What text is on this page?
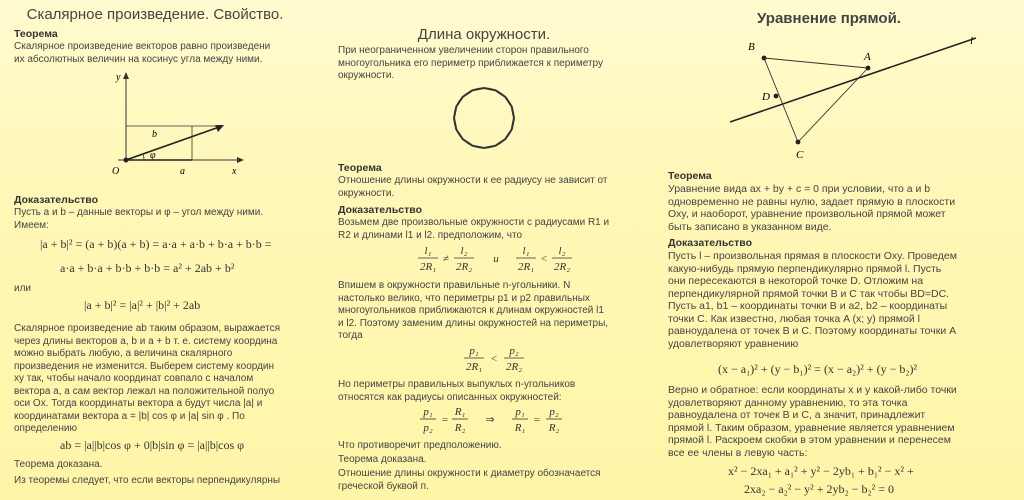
Скалярное произведение. Свойство.
Теорема
Скалярное произведение векторов равно произведени
их абсолютных величин на косинус угла между ними.
y
x
O
b
a
φ
Доказательство
Пусть a и b – данные векторы и φ – угол между ними.
Имеем:
|a + b|² = (a + b)(a + b) = a·a + a·b + b·a + b·b =
a·a + b·a + b·b + b·b = a² + 2ab + b²
или
|a + b|² = |a|² + |b|² + 2ab
Скалярное произведение ab таким образом, выражается
через длины векторов a, b и a + b т. е. систему координа
можно выбрать любую, а величина скалярного
произведения не изменится. Выберем систему координ
xy так, чтобы начало координат совпало с началом
вектора a, а сам вектор лежал на положительной полуо
оси Ox. Тогда координаты вектора a будут числа |a| и
координатами вектора a = |b| cos φ и |a| sin φ . По
определению
ab = |a||b|cos φ + 0|b|sin φ = |a||b|cos φ
Теорема доказана.
Из теоремы следует, что если векторы перпендикулярны
Длина окружности.
При неограниченном увеличении сторон правильного
многоугольника его периметр приближается к периметру
окружности.
Теорема
Отношение длины окружности к ее радиусу не зависит от
окружности.
Доказательство
Возьмем две произвольные окружности с радиусами R1 и
R2 и длинами l1 и l2. предположим, что
l₁
2R₁
≠
l₂
2R₂
и
l₁
2R₁
<
l₂
2R₂
Впишем в окружности правильные n-угольники. N
настолько велико, что периметры p1 и p2 правильных
многоугольников приближаются к длинам окружностей l1
и l2. Поэтому заменим длины окружностей на периметры,
тогда
p₁
2R₁
<
p₂
2R₂
Но периметры правильных выпуклых n-угольников
относятся как радиусы описанных окружностей:
p₁
p₂
=
R₁
R₂
⇒
p₁
R₁
=
p₂
R₂
Что противоречит предположению.
Теорема доказана.
Отношение длины окружности к диаметру обозначается
греческой буквой п.
Уравнение прямой.
B
A
D
C
l
Теорема
Уравнение вида ax + by + c = 0 при условии, что a и b
одновременно не равны нулю, задает прямую в плоскости
Oxy, и наоборот, уравнение произвольной прямой может
быть записано в указанном виде.
Доказательство
Пусть l – произвольная прямая в плоскости Oxy. Проведем
какую-нибудь прямую перпендикулярно прямой l. Пусть
они пересекаются в некоторой точке D. Отложим на
перпендикулярной прямой точки B и C так чтобы BD=DC.
Пусть a1, b1 – координаты точки B и a2, b2 – координаты
точки C. Как известно, любая точка A (x; y) прямой l
равноудалена от точек B и C. Поэтому координаты точки A
удовлетворяют уравнению
(x − a₁)² + (y − b₁)² = (x − a₂)² + (y − b₂)²
Верно и обратное: если координаты x и y какой-либо точки
удовлетворяют данному уравнению, то эта точка
равноудалена от точек B и C, а значит, принадлежит
прямой l. Таким образом, уравнение является уравнением
прямой l. Раскроем скобки в этом уравнении и перенесем
все ее члены в левую часть:
x² − 2xa₁ + a₁² + y² − 2yb₁ + b₁² − x² +
2xa₂ − a₂² − y² + 2yb₂ − b₂² = 0
